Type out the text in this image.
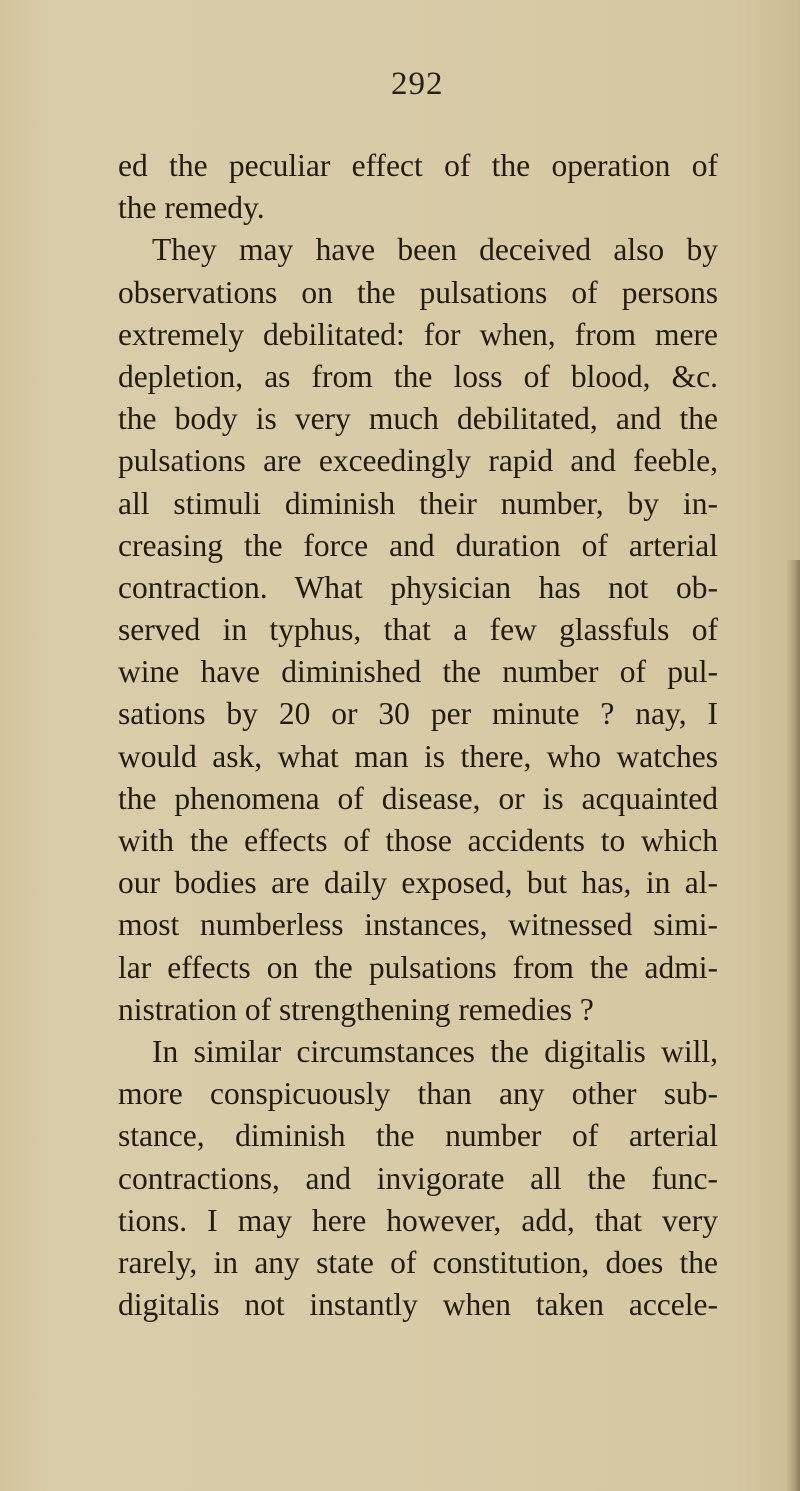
292

ed the peculiar effect of the operation of
the remedy.
They may have been deceived also by
observations on the pulsations of persons
extremely debilitated: for when, from mere
depletion, as from the loss of blood, &c.
the body is very much debilitated, and the
pulsations are exceedingly rapid and feeble,
all stimuli diminish their number, by in-
creasing the force and duration of arterial
contraction. What physician has not ob-
served in typhus, that a few glassfuls of
wine have diminished the number of pul-
sations by 20 or 30 per minute ? nay, I
would ask, what man is there, who watches
the phenomena of disease, or is acquainted
with the effects of those accidents to which
our bodies are daily exposed, but has, in al-
most numberless instances, witnessed simi-
lar effects on the pulsations from the admi-
nistration of strengthening remedies ?
In similar circumstances the digitalis will,
more conspicuously than any other sub-
stance, diminish the number of arterial
contractions, and invigorate all the func-
tions. I may here however, add, that very
rarely, in any state of constitution, does the
digitalis not instantly when taken accele-
